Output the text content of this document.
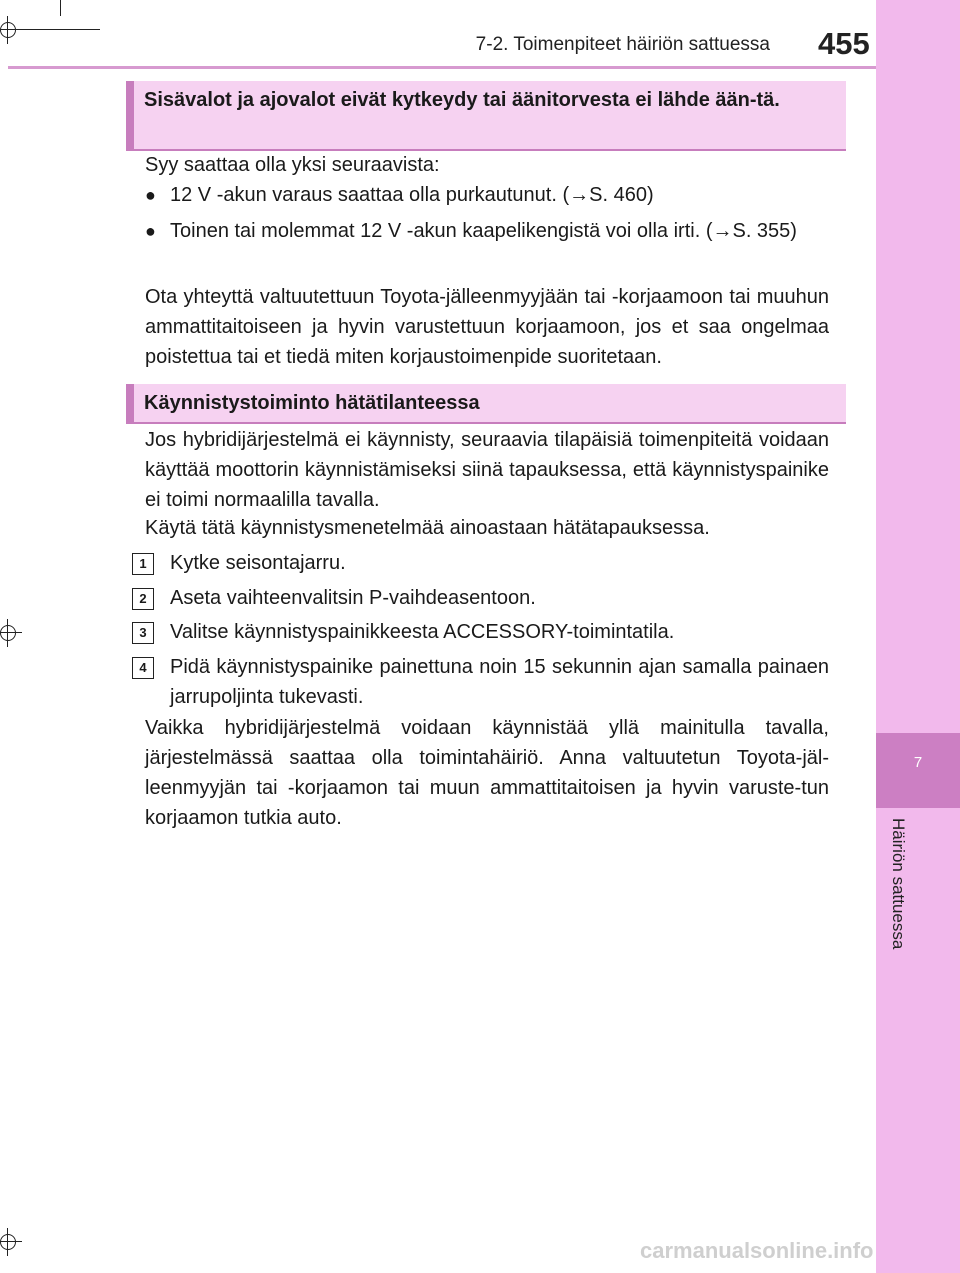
7
Häiriön sattuessa
7-2. Toimenpiteet häiriön sattuessa 455
Sisävalot ja ajovalot eivät kytkeydy tai äänitorvesta ei lähde ään-tä.
Syy saattaa olla yksi seuraavista:
● 12 V -akun varaus saattaa olla purkautunut. (→S. 460)
● Toinen tai molemmat 12 V -akun kaapelikengistä voi olla irti. (→S. 355)
Ota yhteyttä valtuutettuun Toyota-jälleenmyyjään tai -korjaamoon tai muuhun ammattitaitoiseen ja hyvin varustettuun korjaamoon, jos et saa ongelmaa poistettua tai et tiedä miten korjaustoimenpide suoritetaan.
Käynnistystoiminto hätätilanteessa
Jos hybridijärjestelmä ei käynnisty, seuraavia tilapäisiä toimenpiteitä voidaan käyttää moottorin käynnistämiseksi siinä tapauksessa, että käynnistyspainike ei toimi normaalilla tavalla.
Käytä tätä käynnistysmenetelmää ainoastaan hätätapauksessa.
1	Kytke seisontajarru.
2	Aseta vaihteenvalitsin P-vaihdeasentoon.
3	Valitse käynnistyspainikkeesta ACCESSORY-toimintatila.
4	Pidä käynnistyspainike painettuna noin 15 sekunnin ajan samalla painaen jarrupoljinta tukevasti.
Vaikka hybridijärjestelmä voidaan käynnistää yllä mainitulla tavalla, järjestelmässä saattaa olla toimintahäiriö. Anna valtuutetun Toyota-jäl-leenmyyjän tai -korjaamon tai muun ammattitaitoisen ja hyvin varuste-tun korjaamon tutkia auto.
carmanualsonline.info
